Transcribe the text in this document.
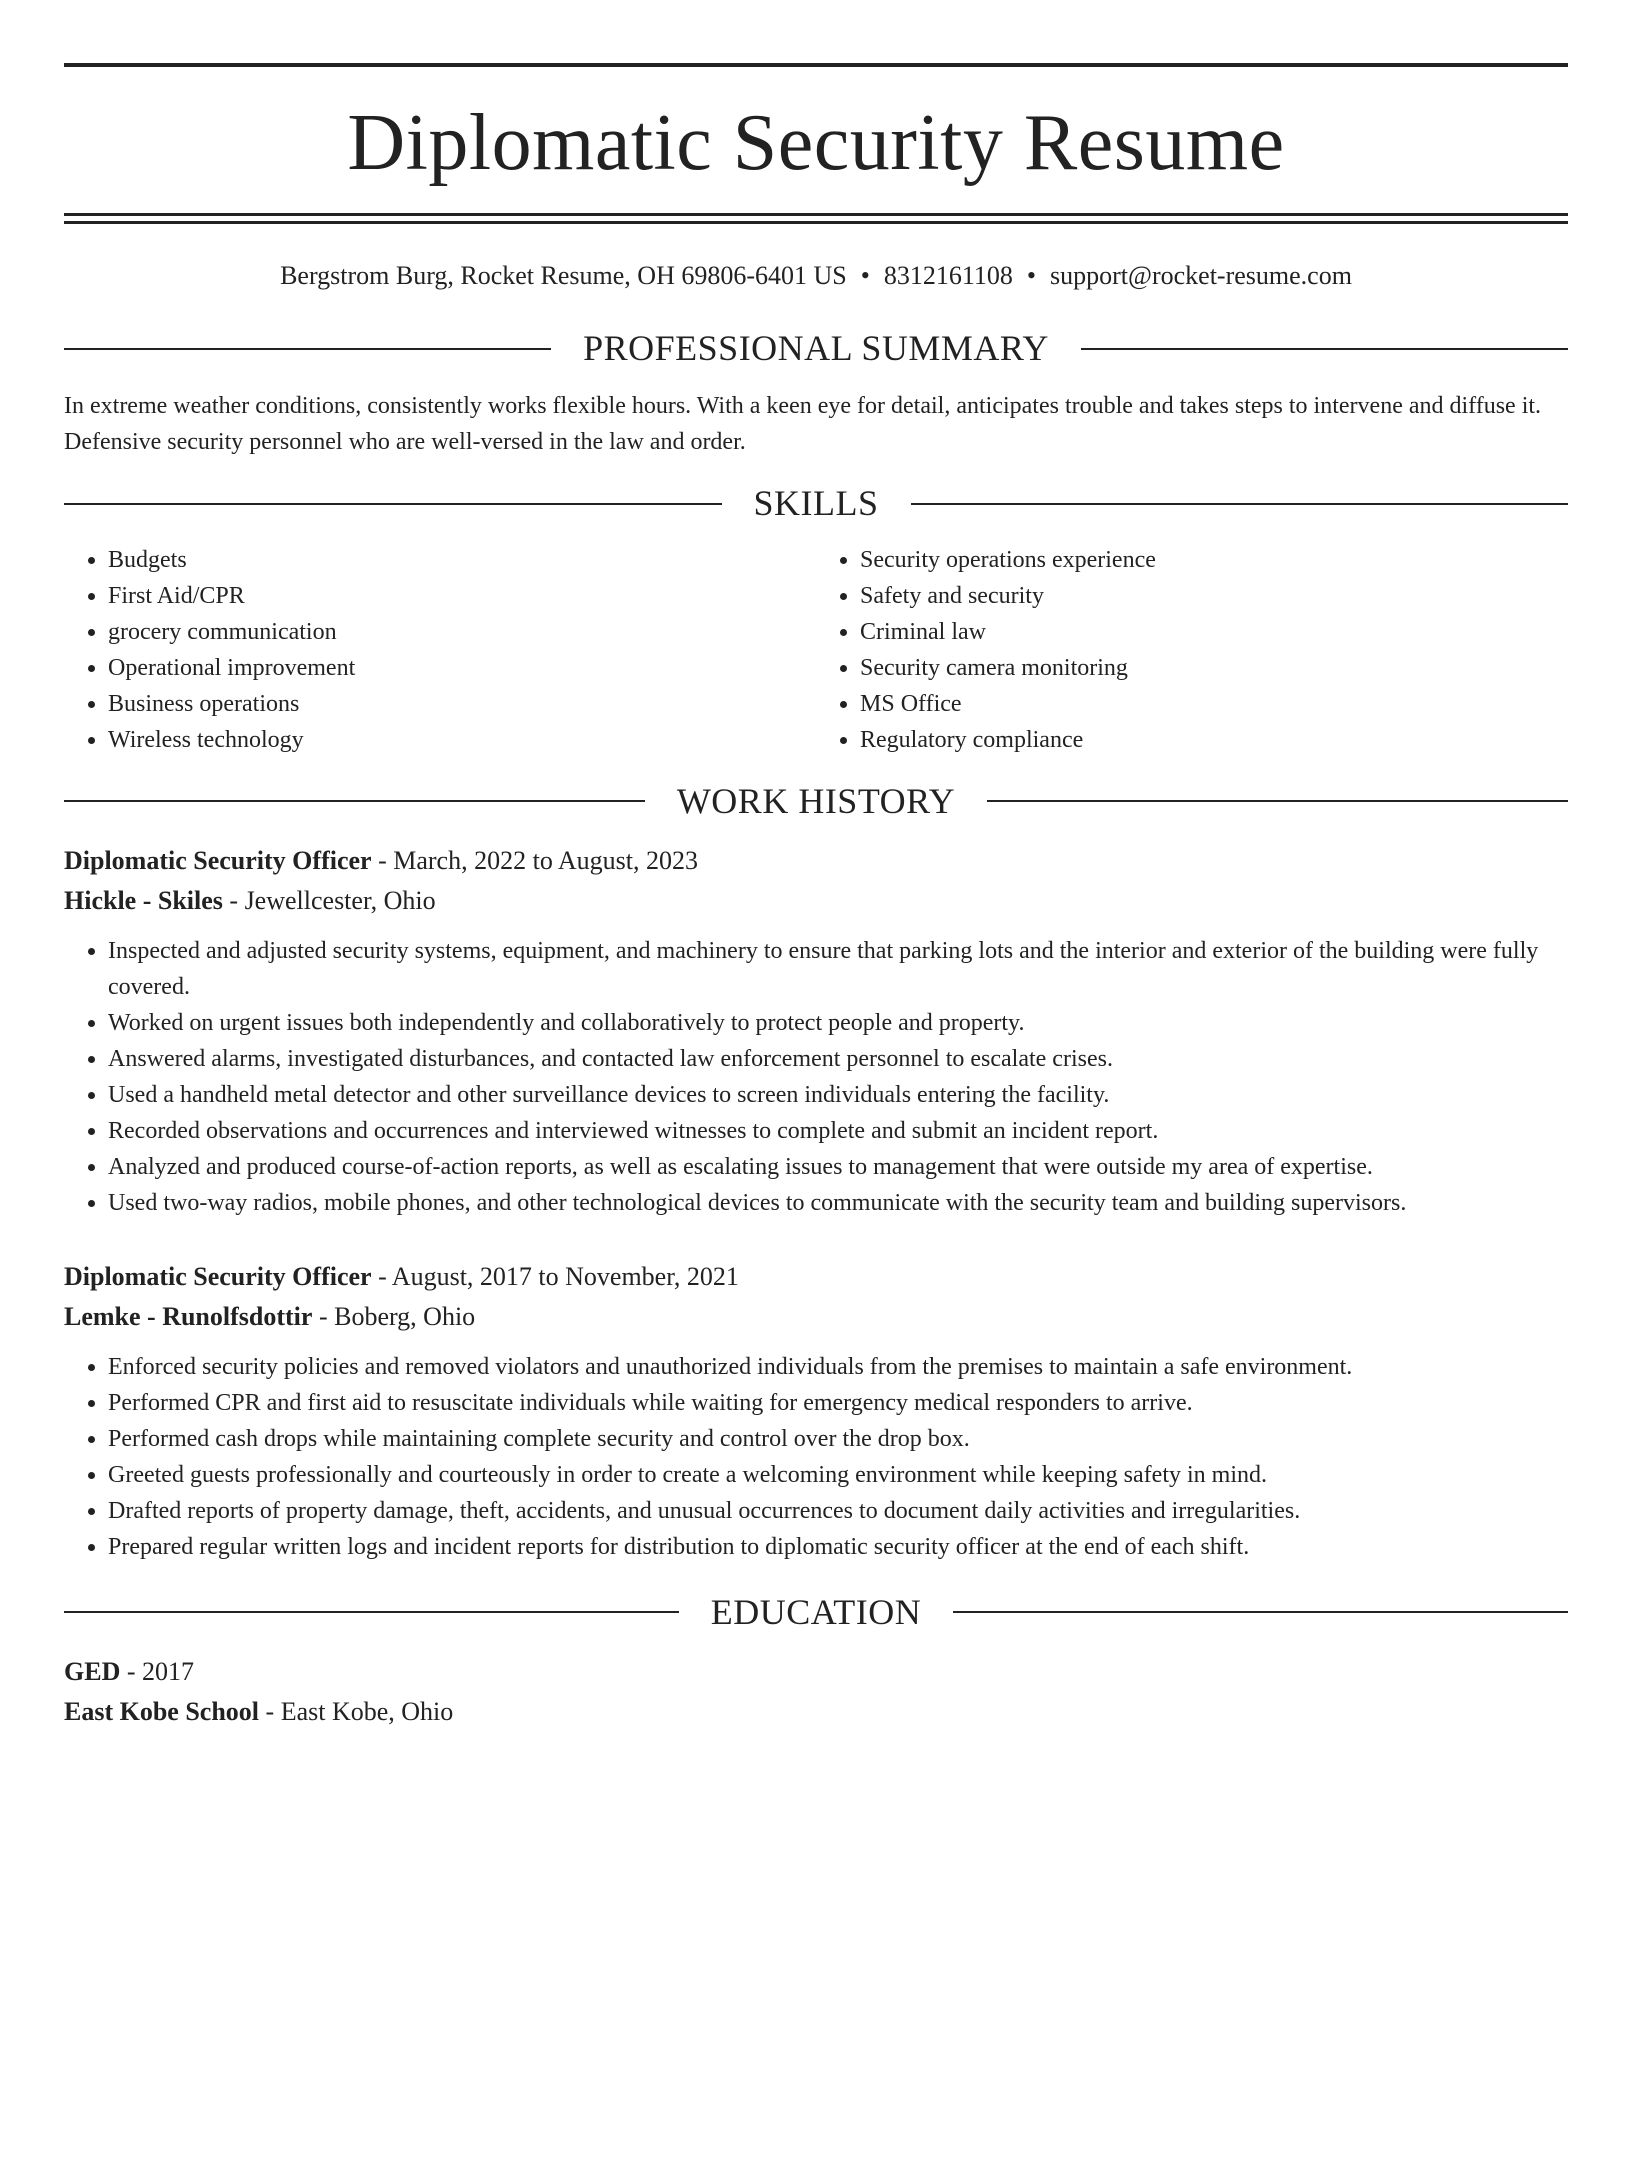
Diplomatic Security Resume
Bergstrom Burg, Rocket Resume, OH 69806-6401 US • 8312161108 • support@rocket-resume.com
PROFESSIONAL SUMMARY

In extreme weather conditions, consistently works flexible hours. With a keen eye for detail, anticipates trouble and takes steps to intervene and diffuse it. Defensive security personnel who are well-versed in the law and order.

SKILLS
• Budgets
• First Aid/CPR
• grocery communication
• Operational improvement
• Business operations
• Wireless technology
• Security operations experience
• Safety and security
• Criminal law
• Security camera monitoring
• MS Office
• Regulatory compliance
WORK HISTORY
Diplomatic Security Officer - March, 2022 to August, 2023
Hickle - Skiles - Jewellcester, Ohio
• Inspected and adjusted security systems, equipment, and machinery to ensure that parking lots and the interior and exterior of the building were fully covered.
• Worked on urgent issues both independently and collaboratively to protect people and property.
• Answered alarms, investigated disturbances, and contacted law enforcement personnel to escalate crises.
• Used a handheld metal detector and other surveillance devices to screen individuals entering the facility.
• Recorded observations and occurrences and interviewed witnesses to complete and submit an incident report.
• Analyzed and produced course-of-action reports, as well as escalating issues to management that were outside my area of expertise.
• Used two-way radios, mobile phones, and other technological devices to communicate with the security team and building supervisors.
Diplomatic Security Officer - August, 2017 to November, 2021
Lemke - Runolfsdottir - Boberg, Ohio
• Enforced security policies and removed violators and unauthorized individuals from the premises to maintain a safe environment.
• Performed CPR and first aid to resuscitate individuals while waiting for emergency medical responders to arrive.
• Performed cash drops while maintaining complete security and control over the drop box.
• Greeted guests professionally and courteously in order to create a welcoming environment while keeping safety in mind.
• Drafted reports of property damage, theft, accidents, and unusual occurrences to document daily activities and irregularities.
• Prepared regular written logs and incident reports for distribution to diplomatic security officer at the end of each shift.
EDUCATION
GED - 2017
East Kobe School - East Kobe, Ohio
